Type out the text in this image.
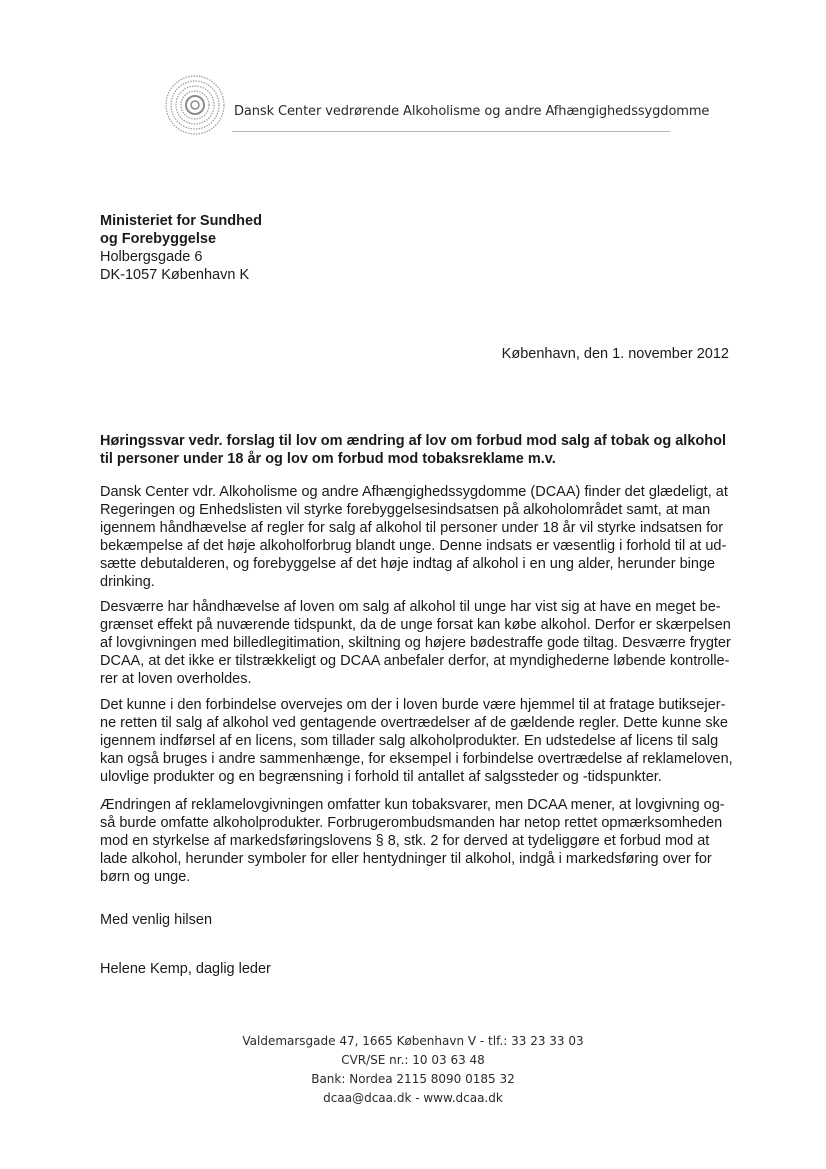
Dansk Center vedrørende Alkoholisme og andre Afhængighedssygdomme
Ministeriet for Sundhed
og Forebyggelse
Holbergsgade 6
DK-1057 København K
København, den 1. november 2012
Høringssvar vedr. forslag til lov om ændring af lov om forbud mod salg af tobak og alkohol
til personer under 18 år og lov om forbud mod tobaksreklame m.v.
Dansk Center vdr. Alkoholisme og andre Afhængighedssygdomme (DCAA) finder det glædeligt, at
Regeringen og Enhedslisten vil styrke forebyggelsesindsatsen på alkoholområdet samt, at man
igennem håndhævelse af regler for salg af alkohol til personer under 18 år vil styrke indsatsen for
bekæmpelse af det høje alkoholforbrug blandt unge. Denne indsats er væsentlig i forhold til at ud-
sætte debutalderen, og forebyggelse af det høje indtag af alkohol i en ung alder, herunder binge
drinking.
Desværre har håndhævelse af loven om salg af alkohol til unge har vist sig at have en meget be-
grænset effekt på nuværende tidspunkt, da de unge forsat kan købe alkohol. Derfor er skærpelsen
af lovgivningen med billedlegitimation, skiltning og højere bødestraffe gode tiltag. Desværre frygter
DCAA, at det ikke er tilstrækkeligt og DCAA anbefaler derfor, at myndighederne løbende kontrolle-
rer at loven overholdes.
Det kunne i den forbindelse overvejes om der i loven burde være hjemmel til at fratage butiksejer-
ne retten til salg af alkohol ved gentagende overtrædelser af de gældende regler. Dette kunne ske
igennem indførsel af en licens, som tillader salg alkoholprodukter. En udstedelse af licens til salg
kan også bruges i andre sammenhænge, for eksempel i forbindelse overtrædelse af reklameloven,
ulovlige produkter og en begrænsning i forhold til antallet af salgssteder og -tidspunkter.
Ændringen af reklamelovgivningen omfatter kun tobaksvarer, men DCAA mener, at lovgivning og-
så burde omfatte alkoholprodukter. Forbrugerombudsmanden har netop rettet opmærksomheden
mod en styrkelse af markedsføringslovens § 8, stk. 2 for derved at tydeliggøre et forbud mod at
lade alkohol, herunder symboler for eller hentydninger til alkohol, indgå i markedsføring over for
børn og unge.
Med venlig hilsen
Helene Kemp, daglig leder
Valdemarsgade 47, 1665 København V - tlf.: 33 23 33 03
CVR/SE nr.: 10 03 63 48
Bank: Nordea 2115 8090 0185 32
dcaa@dcaa.dk - www.dcaa.dk
